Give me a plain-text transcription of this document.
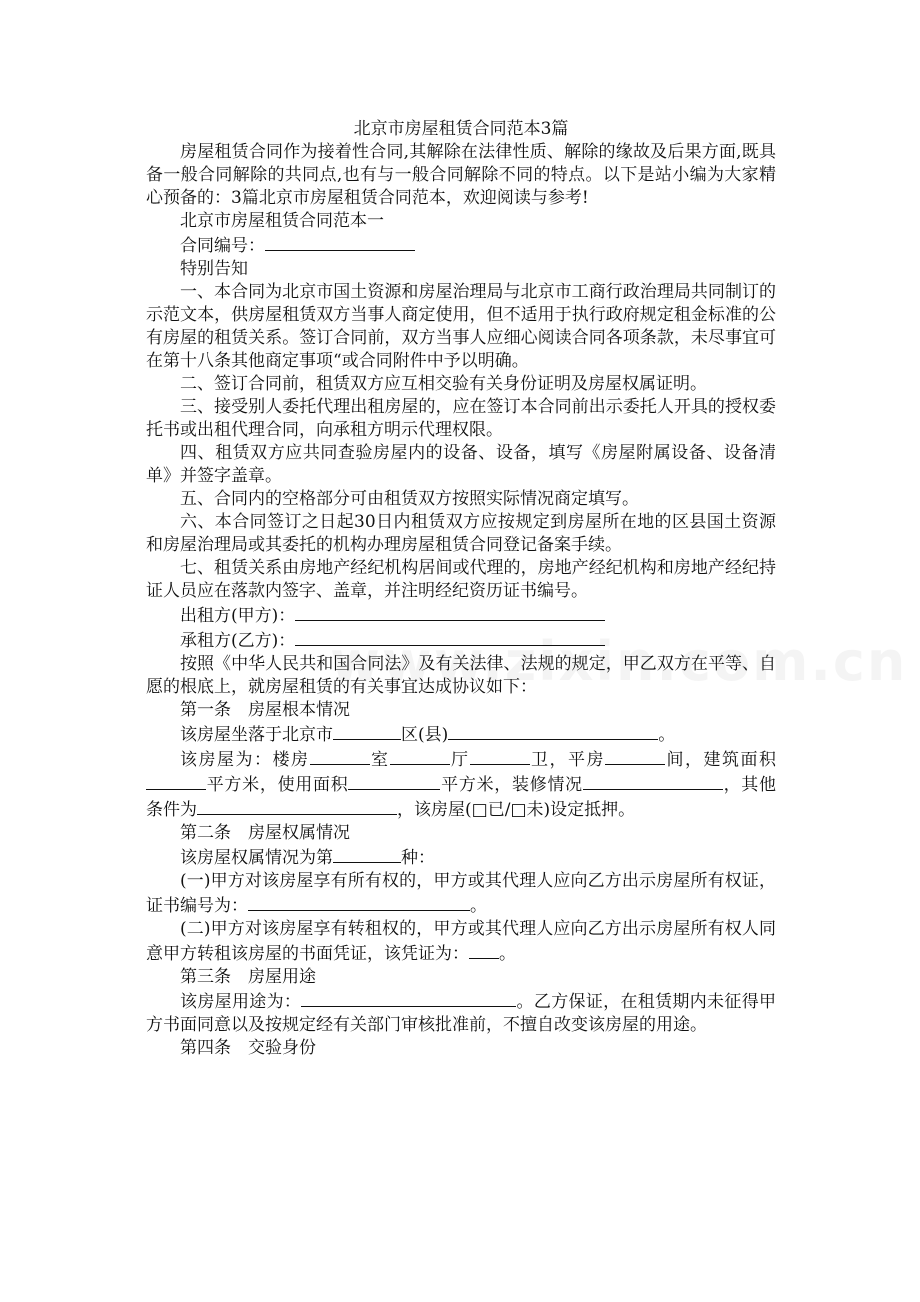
北京市房屋租赁合同范本3篇

房屋租赁合同作为接着性合同,其解除在法律性质、解除的缘故及后果方面,既具备一般合同解除的共同点,也有与一般合同解除不同的特点。以下是站小编为大家精心预备的：3篇北京市房屋租赁合同范本，欢迎阅读与参考!

北京市房屋租赁合同范本一

合同编号：

特别告知

一、本合同为北京市国土资源和房屋治理局与北京市工商行政治理局共同制订的示范文本，供房屋租赁双方当事人商定使用，但不适用于执行政府规定租金标准的公有房屋的租赁关系。签订合同前，双方当事人应细心阅读合同各项条款，未尽事宜可在第十八条其他商定事项“或合同附件中予以明确。

二、签订合同前，租赁双方应互相交验有关身份证明及房屋权属证明。

三、接受别人委托代理出租房屋的，应在签订本合同前出示委托人开具的授权委托书或出租代理合同，向承租方明示代理权限。

四、租赁双方应共同查验房屋内的设备、设备，填写《房屋附属设备、设备清单》并签字盖章。

五、合同内的空格部分可由租赁双方按照实际情况商定填写。

六、本合同签订之日起30日内租赁双方应按规定到房屋所在地的区县国土资源和房屋治理局或其委托的机构办理房屋租赁合同登记备案手续。

七、租赁关系由房地产经纪机构居间或代理的，房地产经纪机构和房地产经纪持证人员应在落款内签字、盖章，并注明经纪资历证书编号。

出租方(甲方)：

承租方(乙方)：

按照《中华人民共和国合同法》及有关法律、法规的规定，甲乙双方在平等、自愿的根底上，就房屋租赁的有关事宜达成协议如下：

第一条　房屋根本情况

该房屋坐落于北京市	区(县)	。

该房屋为：楼房	室	厅	卫，平房	间，建筑面积平方米，使用面积	平方米，装修情况	，其他条件为	，该房屋(□已/□未)设定抵押。

第二条　房屋权属情况

该房屋权属情况为第	种：

(一)甲方对该房屋享有所有权的，甲方或其代理人应向乙方出示房屋所有权证，证书编号为：	。

(二)甲方对该房屋享有转租权的，甲方或其代理人应向乙方出示房屋所有权人同意甲方转租该房屋的书面凭证，该凭证为： 。

第三条　房屋用途

该房屋用途为：	。乙方保证，在租赁期内未征得甲方书面同意以及按规定经有关部门审核批准前，不擅自改变该房屋的用途。

第四条　交验身份
